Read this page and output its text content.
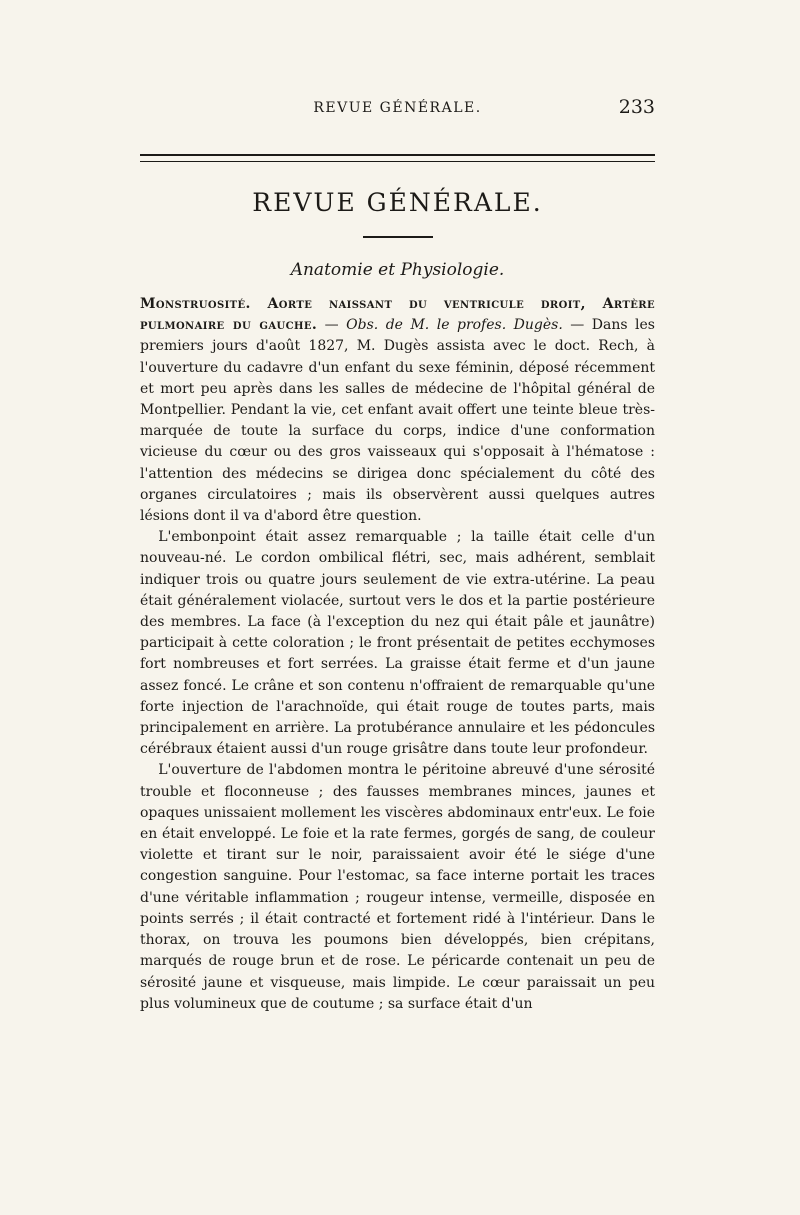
REVUE GÉNÉRALE.	233
REVUE GÉNÉRALE.
Anatomie et Physiologie.

Monstruosité. Aorte naissant du ventricule droit, Artère pulmonaire du gauche. — Obs. de M. le profes. Dugès. — Dans les premiers jours d'août 1827, M. Dugès assista avec le doct. Rech, à l'ouverture du cadavre d'un enfant du sexe féminin, déposé récemment et mort peu après dans les salles de médecine de l'hôpital général de Montpellier. Pendant la vie, cet enfant avait offert une teinte bleue très-marquée de toute la surface du corps, indice d'une conformation vicieuse du cœur ou des gros vaisseaux qui s'opposait à l'hématose : l'attention des médecins se dirigea donc spécialement du côté des organes circulatoires ; mais ils observèrent aussi quelques autres lésions dont il va d'abord être question.

L'embonpoint était assez remarquable ; la taille était celle d'un nouveau-né. Le cordon ombilical flétri, sec, mais adhérent, semblait indiquer trois ou quatre jours seulement de vie extra-utérine. La peau était généralement violacée, surtout vers le dos et la partie postérieure des membres. La face (à l'exception du nez qui était pâle et jaunâtre) participait à cette coloration ; le front présentait de petites ecchymoses fort nombreuses et fort serrées. La graisse était ferme et d'un jaune assez foncé. Le crâne et son contenu n'offraient de remarquable qu'une forte injection de l'arachnoïde, qui était rouge de toutes parts, mais principalement en arrière. La protubérance annulaire et les pédoncules cérébraux étaient aussi d'un rouge grisâtre dans toute leur profondeur.

L'ouverture de l'abdomen montra le péritoine abreuvé d'une sérosité trouble et floconneuse ; des fausses membranes minces, jaunes et opaques unissaient mollement les viscères abdominaux entr'eux. Le foie en était enveloppé. Le foie et la rate fermes, gorgés de sang, de couleur violette et tirant sur le noir, paraissaient avoir été le siége d'une congestion sanguine. Pour l'estomac, sa face interne portait les traces d'une véritable inflammation ; rougeur intense, vermeille, disposée en points serrés ; il était contracté et fortement ridé à l'intérieur. Dans le thorax, on trouva les poumons bien développés, bien crépitans, marqués de rouge brun et de rose. Le péricarde contenait un peu de sérosité jaune et visqueuse, mais limpide. Le cœur paraissait un peu plus volumineux que de coutume ; sa surface était d'un
